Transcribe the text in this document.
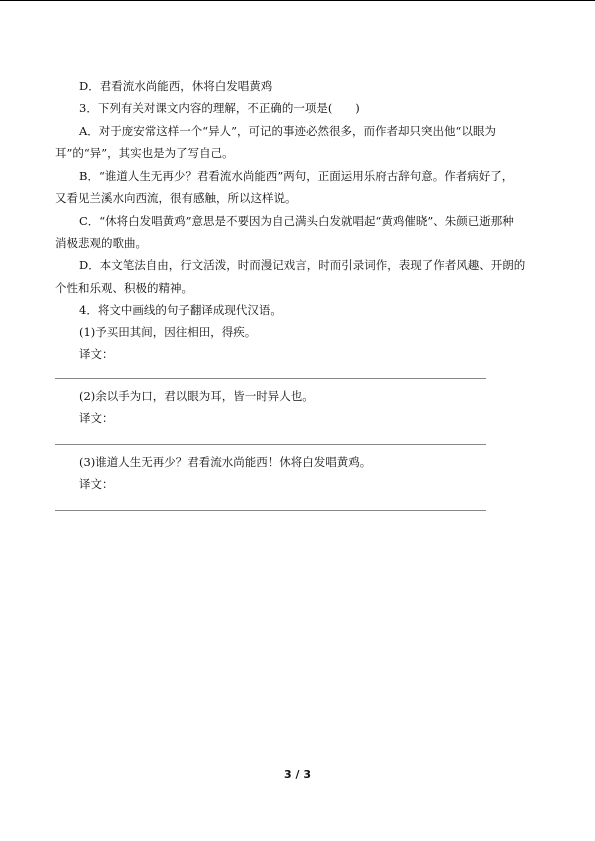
D．君看流水尚能西，休将白发唱黄鸡
3．下列有关对课文内容的理解，不正确的一项是(　　)
A．对于庞安常这样一个“异人”，可记的事迹必然很多，而作者却只突出他“以眼为
耳”的“异”，其实也是为了写自己。
B．“谁道人生无再少？君看流水尚能西”两句，正面运用乐府古辞句意。作者病好了，
又看见兰溪水向西流，很有感触，所以这样说。
C．“休将白发唱黄鸡”意思是不要因为自己满头白发就唱起“黄鸡催晓”、朱颜已逝那种
消极悲观的歌曲。
D．本文笔法自由，行文活泼，时而漫记戏言，时而引录词作，表现了作者风趣、开朗的
个性和乐观、积极的精神。
4．将文中画线的句子翻译成现代汉语。
(1)予买田其间，因往相田，得疾。
译文：
(2)余以手为口，君以眼为耳，皆一时异人也。
译文：
(3)谁道人生无再少？君看流水尚能西！休将白发唱黄鸡。
译文：
3 / 3
